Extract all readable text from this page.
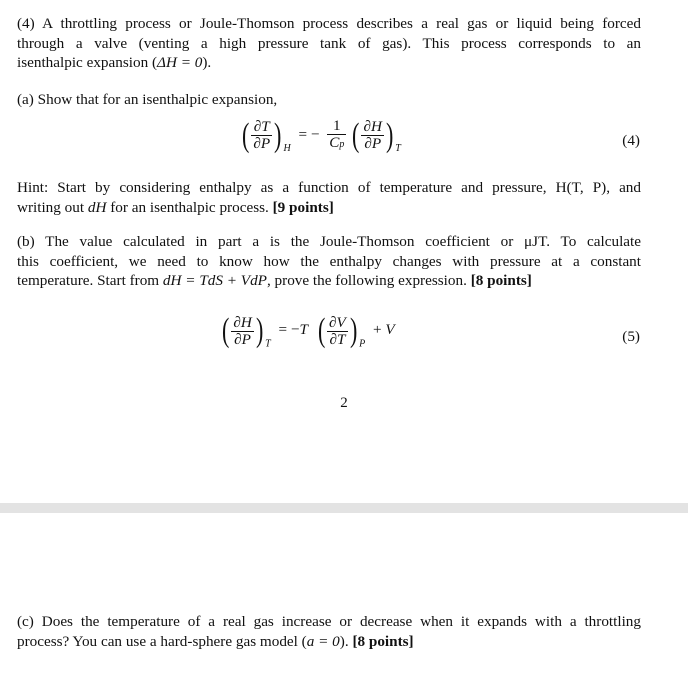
(4) A throttling process or Joule-Thomson process describes a real gas or liquid being forced
through a valve (venting a high pressure tank of gas). This process corresponds to an
isenthalpic expansion (ΔH = 0).
(a) Show that for an isenthalpic expansion,
( $\frac{\partial T}{\partial P}$ ) $_H$ = − $\frac{1}{Cp}$ ( $\frac{\partial H}{\partial P}$ ) $_T$	(4)
Hint: Start by considering enthalpy as a function of temperature and pressure, H(T, P), and
writing out dH for an isenthalpic process. [9 points]
(b) The value calculated in part a is the Joule-Thomson coefficient or μJT. To calculate
this coefficient, we need to know how the enthalpy changes with pressure at a constant
temperature. Start from dH = TdS + VdP, prove the following expression. [8 points]
( $\frac{\partial H}{\partial P}$ ) $_T$ = −T ( $\frac{\partial V}{\partial T}$ ) $_P$ + V	(5)
2
(c) Does the temperature of a real gas increase or decrease when it expands with a throttling
process? You can use a hard-sphere gas model (a = 0). [8 points]
